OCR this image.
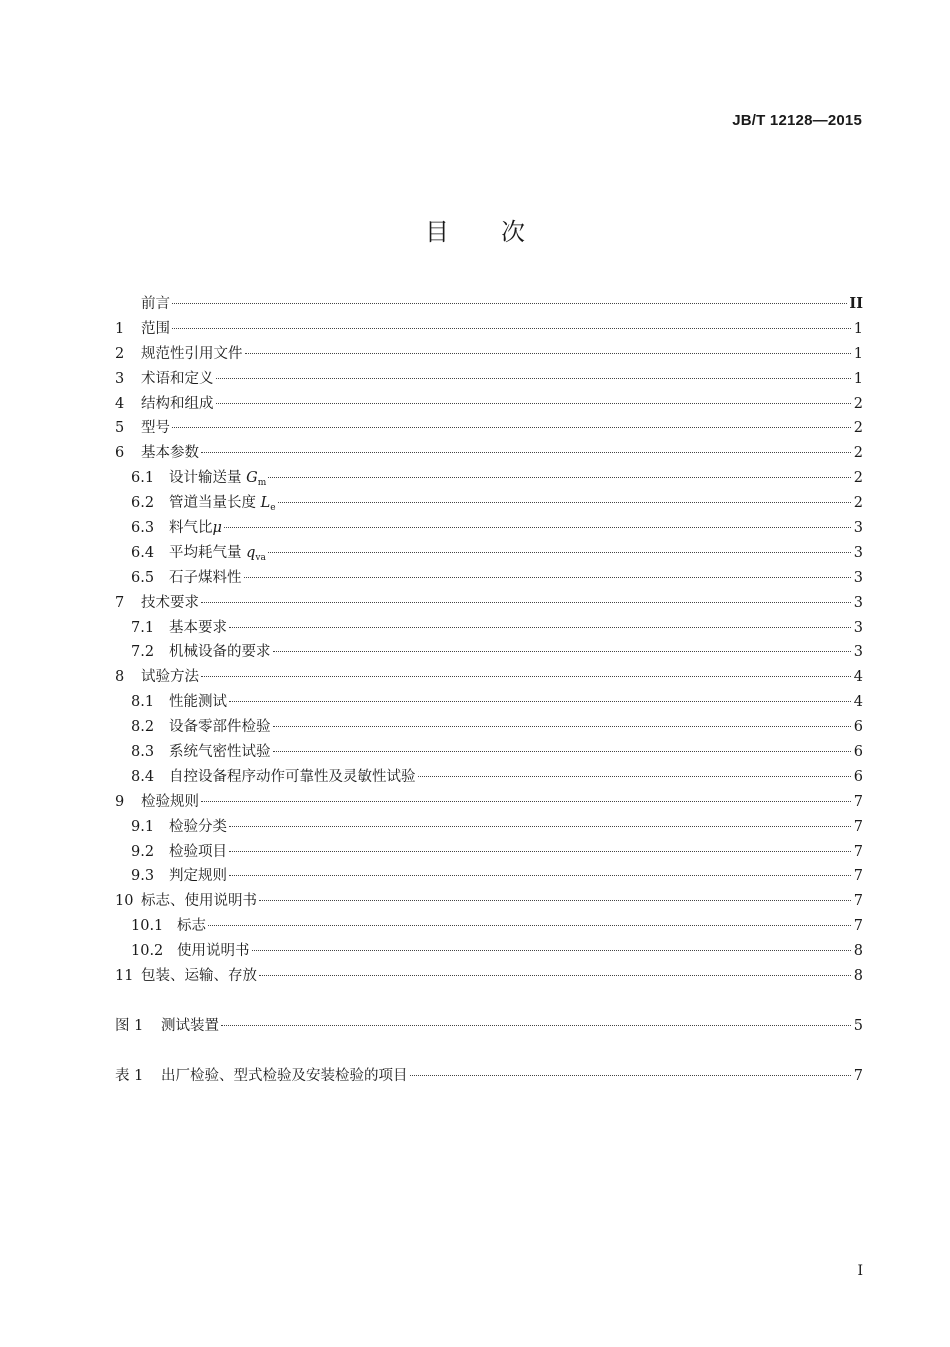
JB/T 12128—2015
目 次
前言	II
1	范围	1
2	规范性引用文件	1
3	术语和定义	1
4	结构和组成	2
5	型号	2
6	基本参数	2
6.1	设计输送量 $G_m$	2
6.2	管道当量长度 $L_e$	2
6.3	料气比μ	3
6.4	平均耗气量 $q_{va}$	3
6.5	石子煤料性	3
7	技术要求	3
7.1	基本要求	3
7.2	机械设备的要求	3
8	试验方法	4
8.1	性能测试	4
8.2	设备零部件检验	6
8.3	系统气密性试验	6
8.4	自控设备程序动作可靠性及灵敏性试验	6
9	检验规则	7
9.1	检验分类	7
9.2	检验项目	7
9.3	判定规则	7
10 标志、使用说明书	7
10.1 标志	7
10.2 使用说明书	8
11 包装、运输、存放	8
图 1	测试装置	5
表 1	出厂检验、型式检验及安装检验的项目	7
I
